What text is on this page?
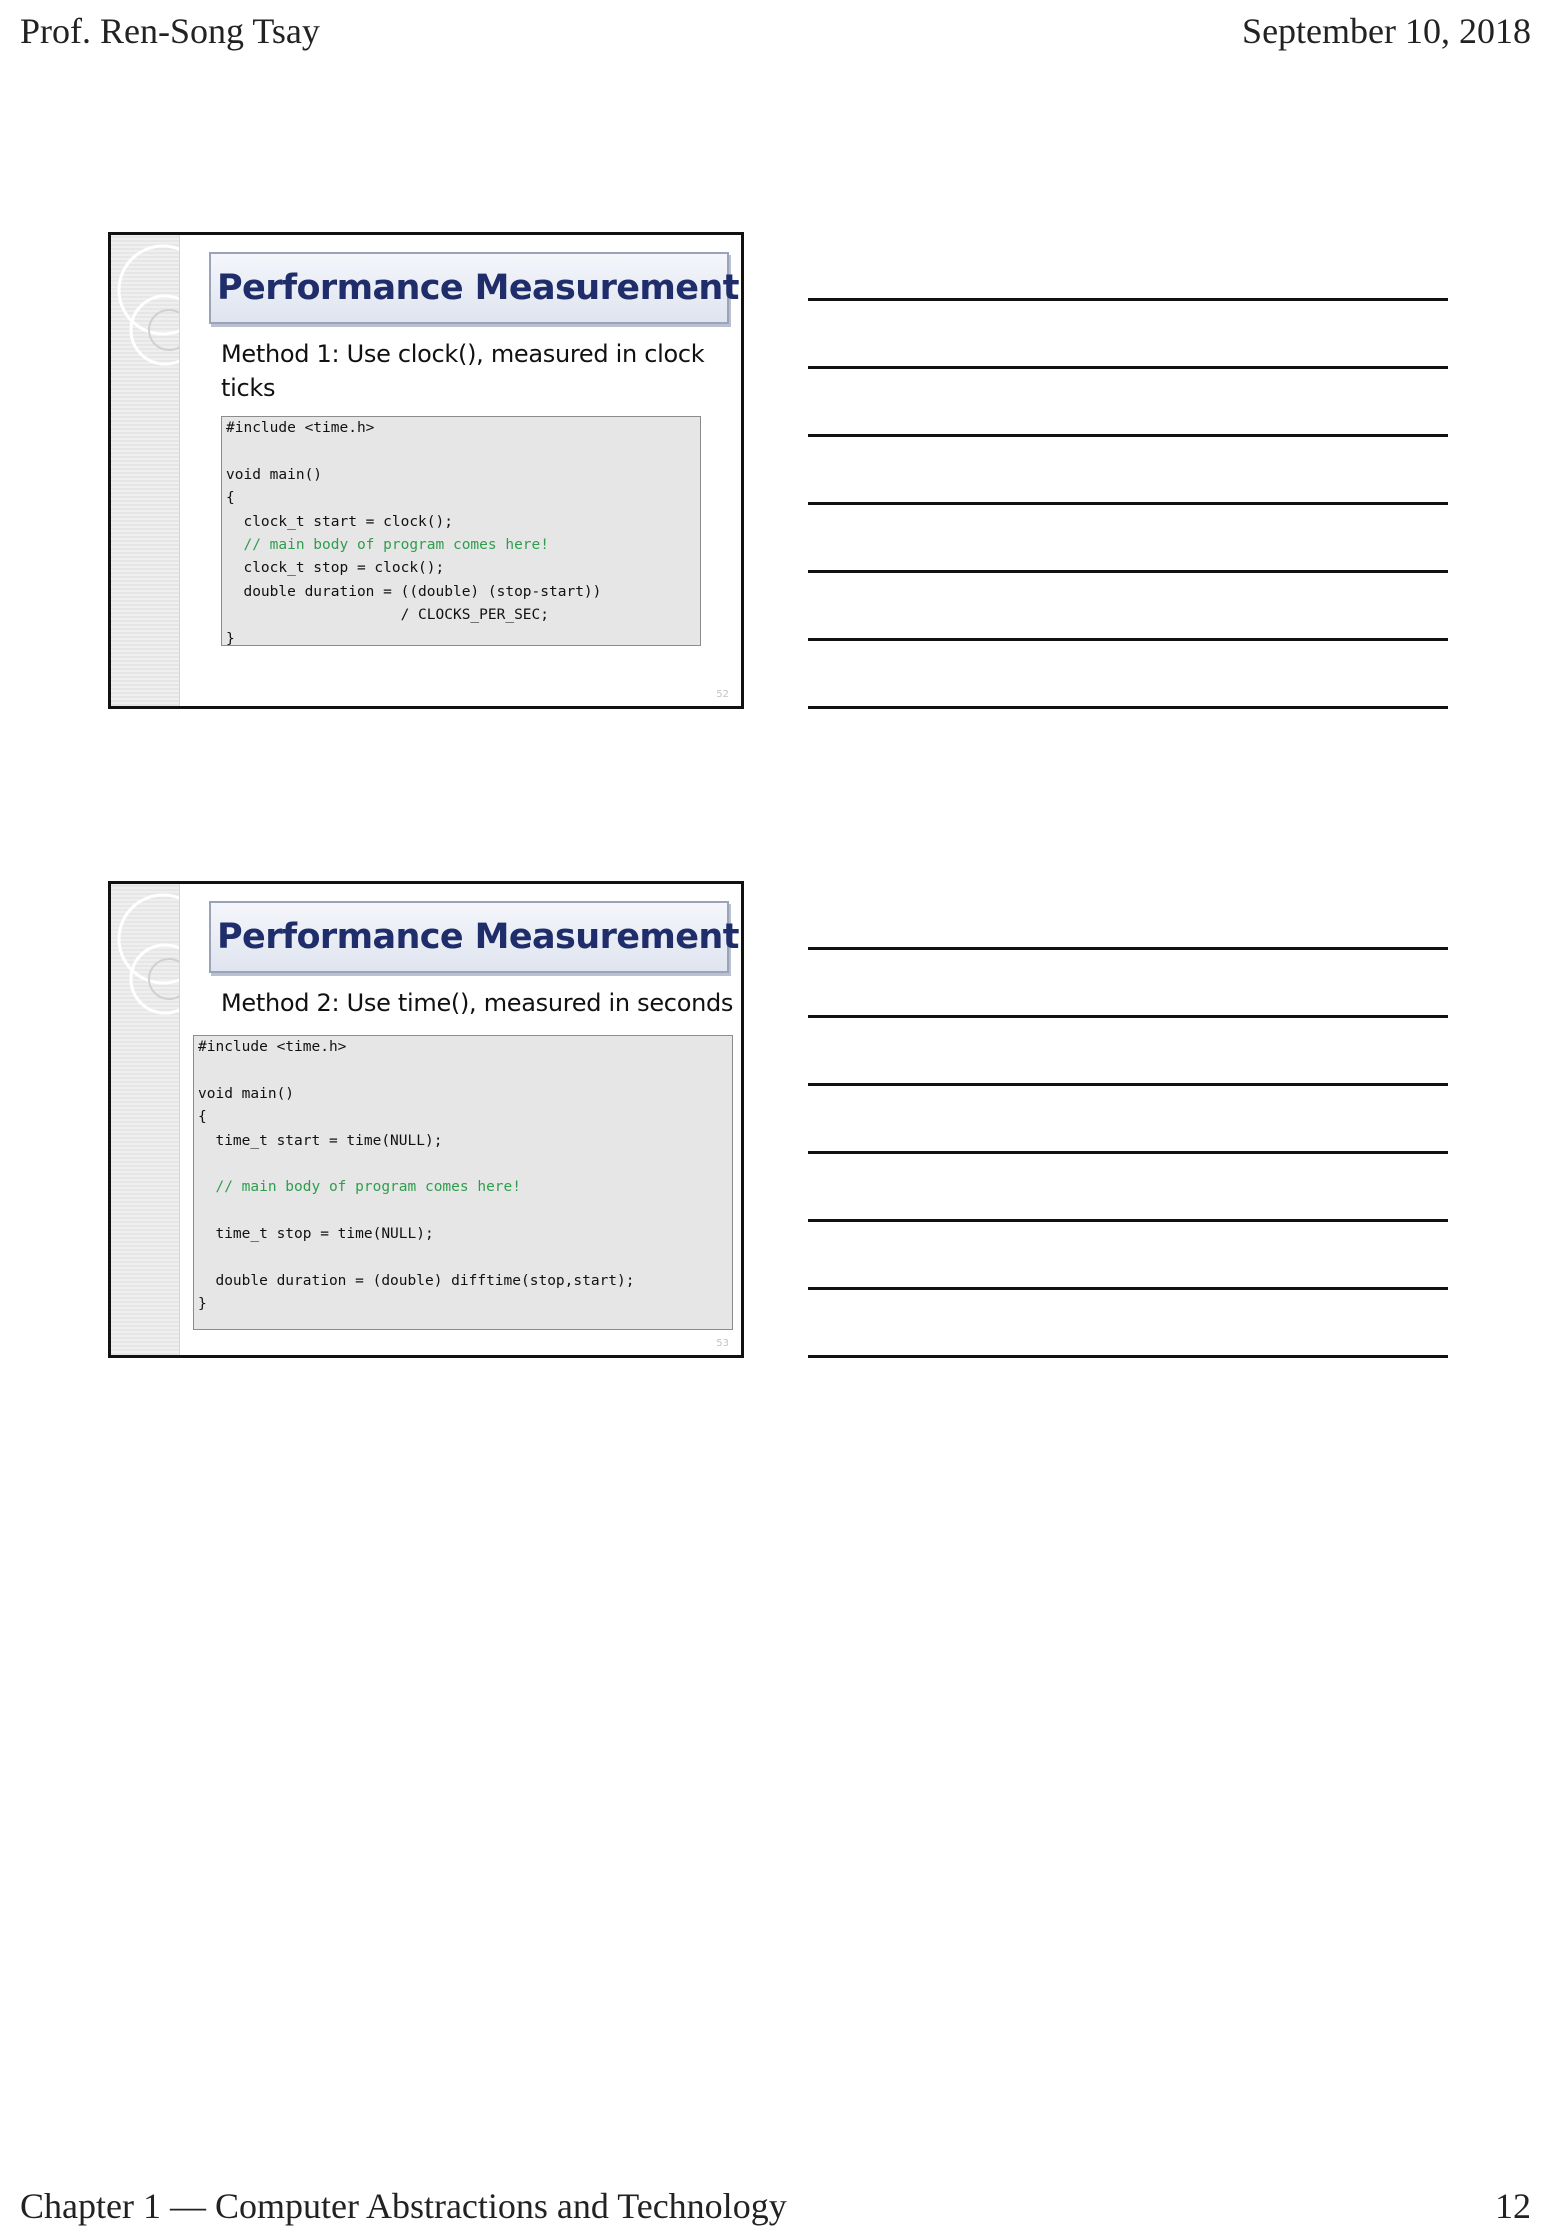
Prof. Ren-Song Tsay	September 10, 2018
Performance Measurement
Method 1: Use clock(), measured in clock ticks
#include <time.h>
void main()
{
clock_t start = clock();
// main body of program comes here!
clock_t stop = clock();
double duration = ((double) (stop-start))
/ CLOCKS_PER_SEC;
}
52
Performance Measurement
Method 2: Use time(), measured in seconds
#include <time.h>
void main()
{
time_t start = time(NULL);
// main body of program comes here!
time_t stop = time(NULL);
double duration = (double) difftime(stop,start);
}
53
Chapter 1 — Computer Abstractions and Technology	12
